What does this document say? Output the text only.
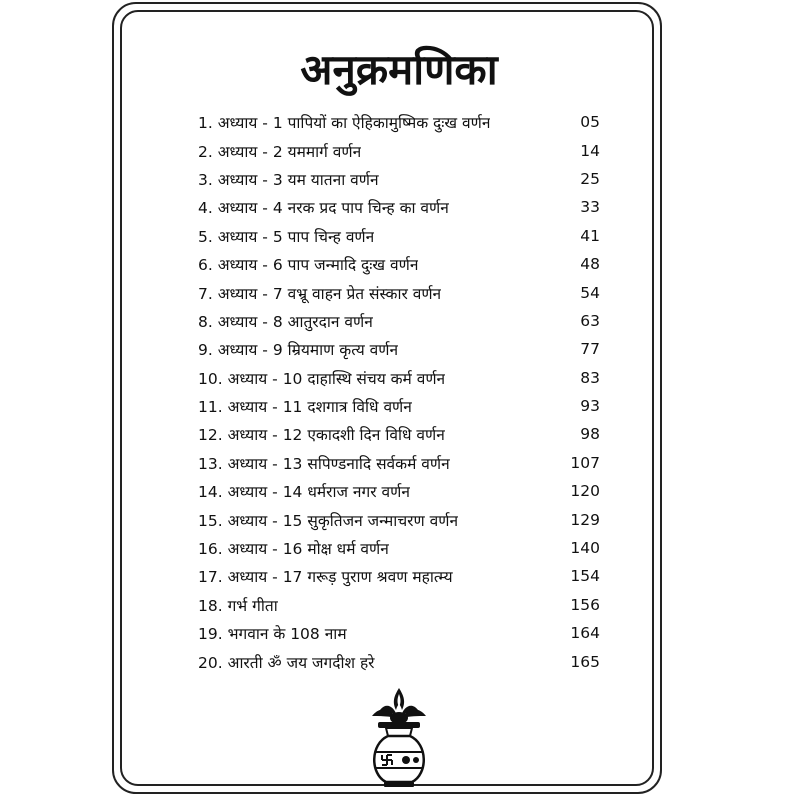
अनुक्रमणिका
1. अध्याय - 1 पापियों का ऐहिकामुष्मिक दुःख वर्णन	05
2. अध्याय - 2 यममार्ग वर्णन	14
3. अध्याय - 3 यम यातना वर्णन	25
4. अध्याय - 4 नरक प्रद पाप चिन्ह का वर्णन	33
5. अध्याय - 5 पाप चिन्ह वर्णन	41
6. अध्याय - 6 पाप जन्मादि दुःख वर्णन	48
7. अध्याय - 7 वभ्रू वाहन प्रेत संस्कार वर्णन	54
8. अध्याय - 8 आतुरदान वर्णन	63
9. अध्याय - 9 म्रियमाण कृत्य वर्णन	77
10. अध्याय - 10 दाहास्थि संचय कर्म वर्णन	83
11. अध्याय - 11 दशगात्र विधि वर्णन	93
12. अध्याय - 12 एकादशी दिन विधि वर्णन	98
13. अध्याय - 13 सपिण्डनादि सर्वकर्म वर्णन	107
14. अध्याय - 14 धर्मराज नगर वर्णन	120
15. अध्याय - 15 सुकृतिजन जन्माचरण वर्णन	129
16. अध्याय - 16 मोक्ष धर्म वर्णन	140
17. अध्याय - 17 गरूड़ पुराण श्रवण महात्म्य	154
18. गर्भ गीता	156
19. भगवान के 108 नाम	164
20. आरती ॐ जय जगदीश हरे	165
